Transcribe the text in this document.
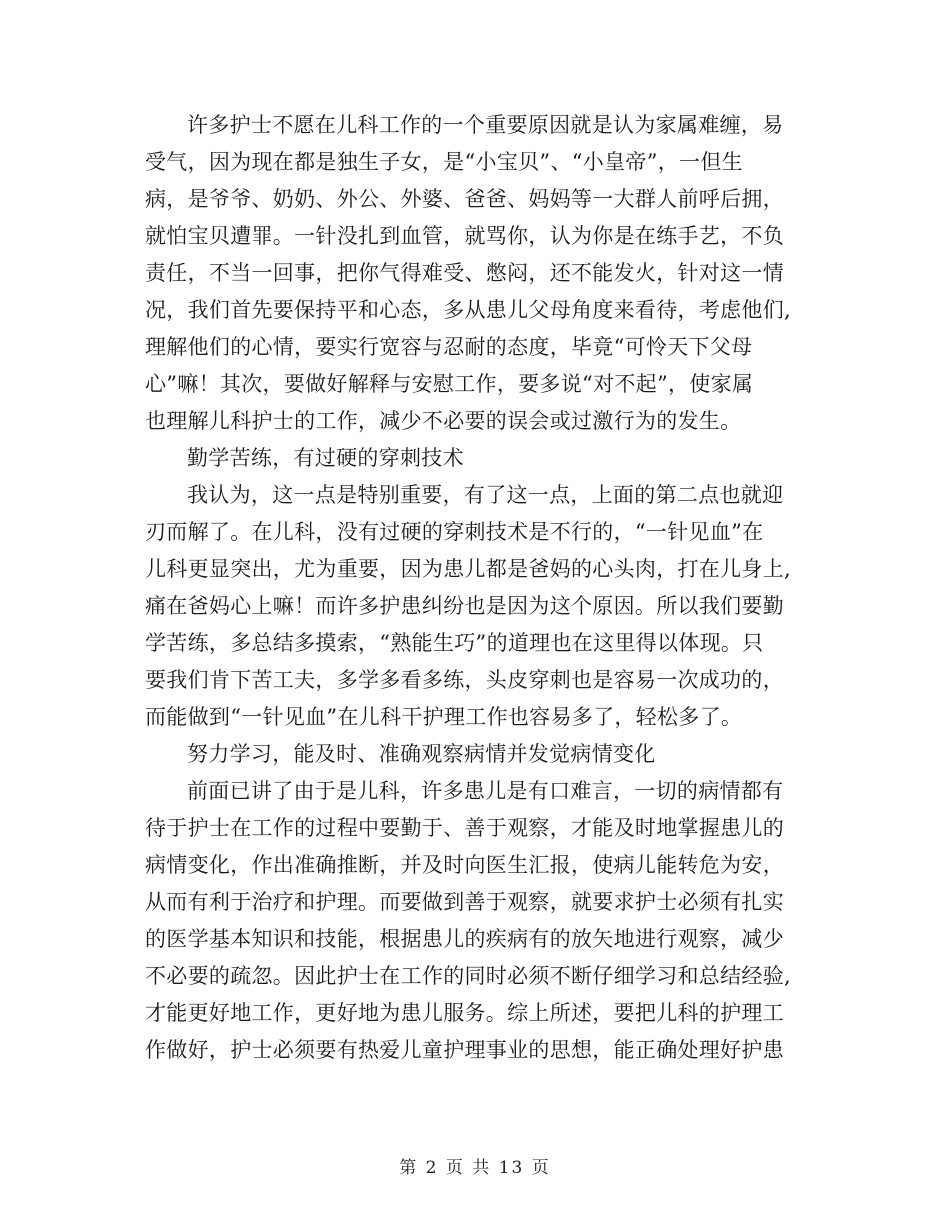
许多护士不愿在儿科工作的一个重要原因就是认为家属难缠，易
受气，因为现在都是独生子女，是“小宝贝”、“小皇帝”，一但生
病，是爷爷、奶奶、外公、外婆、爸爸、妈妈等一大群人前呼后拥，
就怕宝贝遭罪。一针没扎到血管，就骂你，认为你是在练手艺，不负
责任，不当一回事，把你气得难受、憋闷，还不能发火，针对这一情
况，我们首先要保持平和心态，多从患儿父母角度来看待，考虑他们,
理解他们的心情，要实行宽容与忍耐的态度，毕竟“可怜天下父母
心”嘛！其次，要做好解释与安慰工作，要多说“对不起”，使家属
也理解儿科护士的工作，减少不必要的误会或过激行为的发生。
勤学苦练，有过硬的穿刺技术
我认为，这一点是特别重要，有了这一点，上面的第二点也就迎
刃而解了。在儿科，没有过硬的穿刺技术是不行的，“一针见血”在
儿科更显突出，尤为重要，因为患儿都是爸妈的心头肉，打在儿身上,
痛在爸妈心上嘛！而许多护患纠纷也是因为这个原因。所以我们要勤
学苦练，多总结多摸索，“熟能生巧”的道理也在这里得以体现。只
要我们肯下苦工夫，多学多看多练，头皮穿刺也是容易一次成功的，
而能做到“一针见血”在儿科干护理工作也容易多了，轻松多了。
努力学习，能及时、准确观察病情并发觉病情变化
前面已讲了由于是儿科，许多患儿是有口难言，一切的病情都有
待于护士在工作的过程中要勤于、善于观察，才能及时地掌握患儿的
病情变化，作出准确推断，并及时向医生汇报，使病儿能转危为安，
从而有利于治疗和护理。而要做到善于观察，就要求护士必须有扎实
的医学基本知识和技能，根据患儿的疾病有的放矢地进行观察，减少
不必要的疏忽。因此护士在工作的同时必须不断仔细学习和总结经验,
才能更好地工作，更好地为患儿服务。综上所述，要把儿科的护理工
作做好，护士必须要有热爱儿童护理事业的思想，能正确处理好护患
第 2 页 共 13 页
